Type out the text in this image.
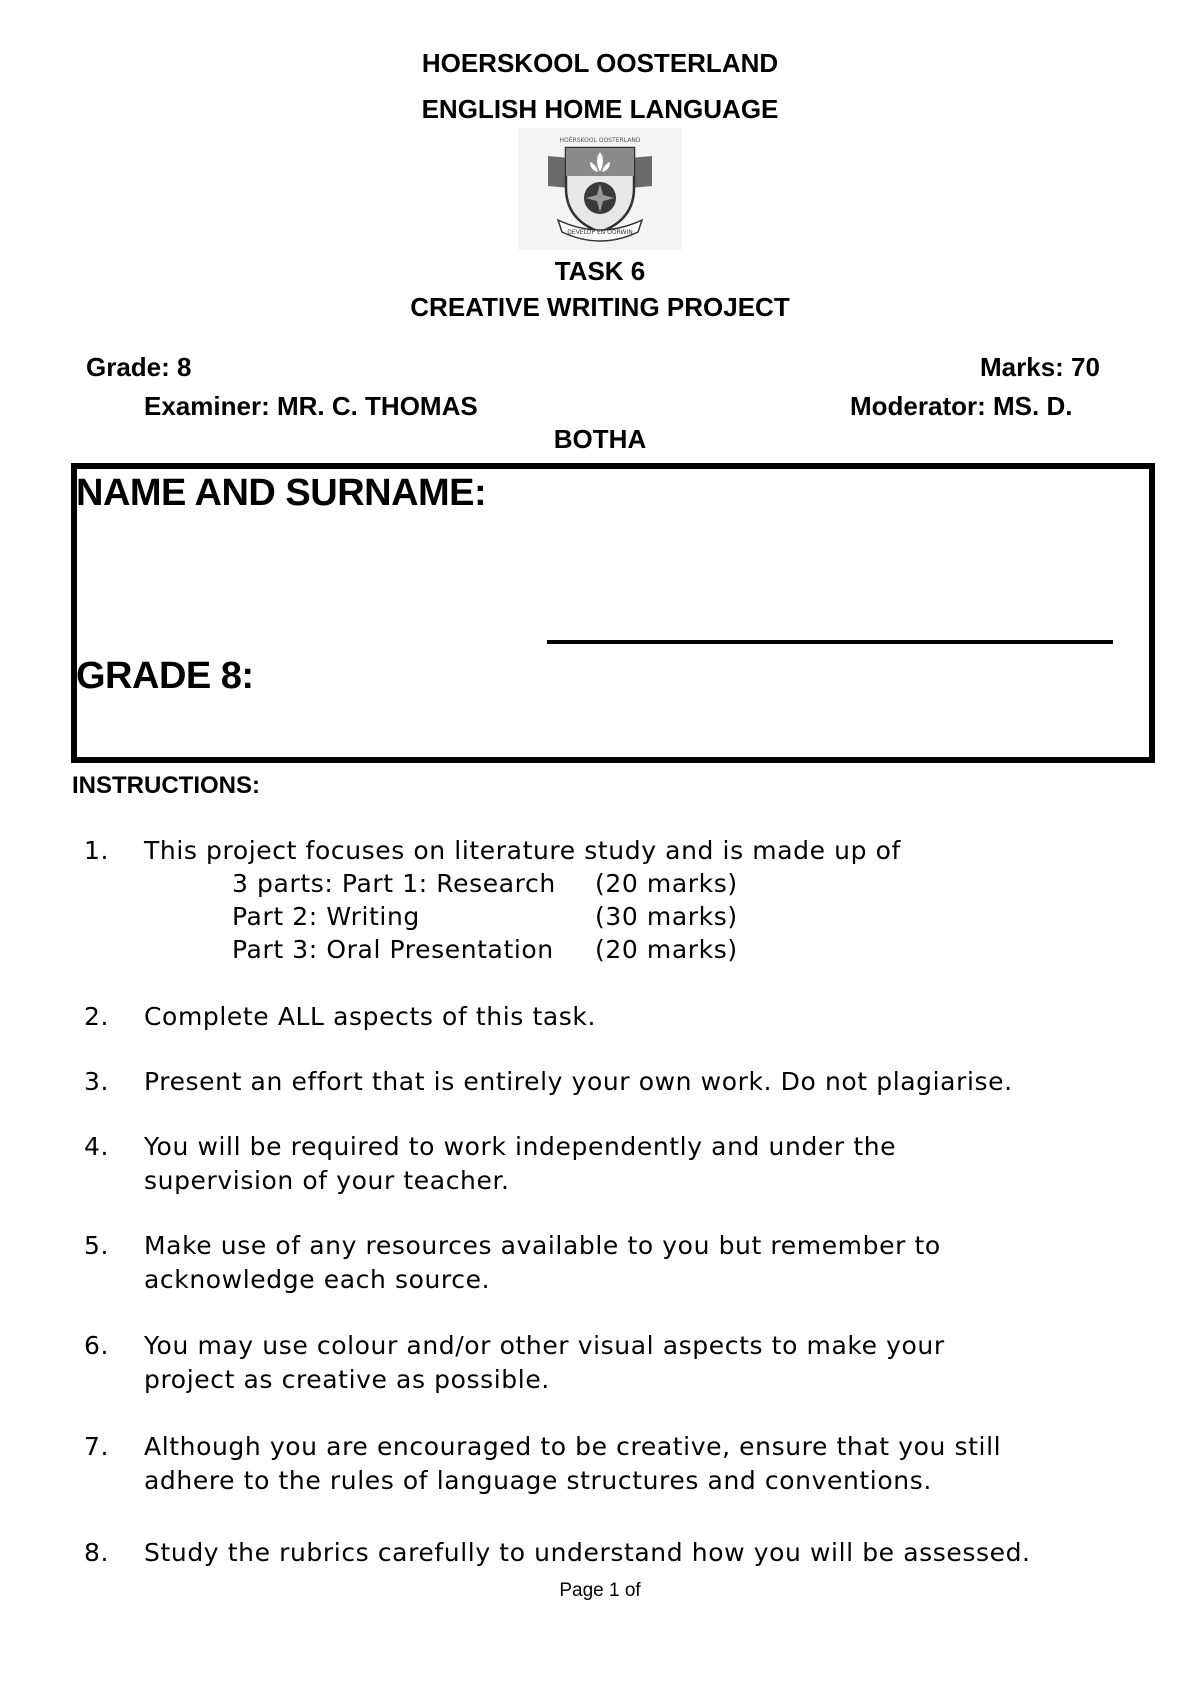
HOERSKOOL OOSTERLAND
ENGLISH HOME LANGUAGE
HOËRSKOOL OOSTERLAND
DEVELOP EN OORWIN
TASK 6
CREATIVE WRITING PROJECT
Grade: 8	Marks: 70
Examiner: MR. C. THOMAS	Moderator: MS. D.
BOTHA
NAME AND SURNAME:
GRADE 8:
INSTRUCTIONS:
1.	This project focuses on literature study and is made up of
3 parts: Part 1: Research (20 marks)
Part 2: Writing	(30 marks)
Part 3: Oral Presentation (20 marks)
2.	Complete ALL aspects of this task.
3.	Present an effort that is entirely your own work. Do not plagiarise.
4.	You will be required to work independently and under the
supervision of your teacher.
5.	Make use of any resources available to you but remember to
acknowledge each source.
6.	You may use colour and/or other visual aspects to make your
project as creative as possible.
7.	Although you are encouraged to be creative, ensure that you still
adhere to the rules of language structures and conventions.
8.	Study the rubrics carefully to understand how you will be assessed.
Page 1 of
